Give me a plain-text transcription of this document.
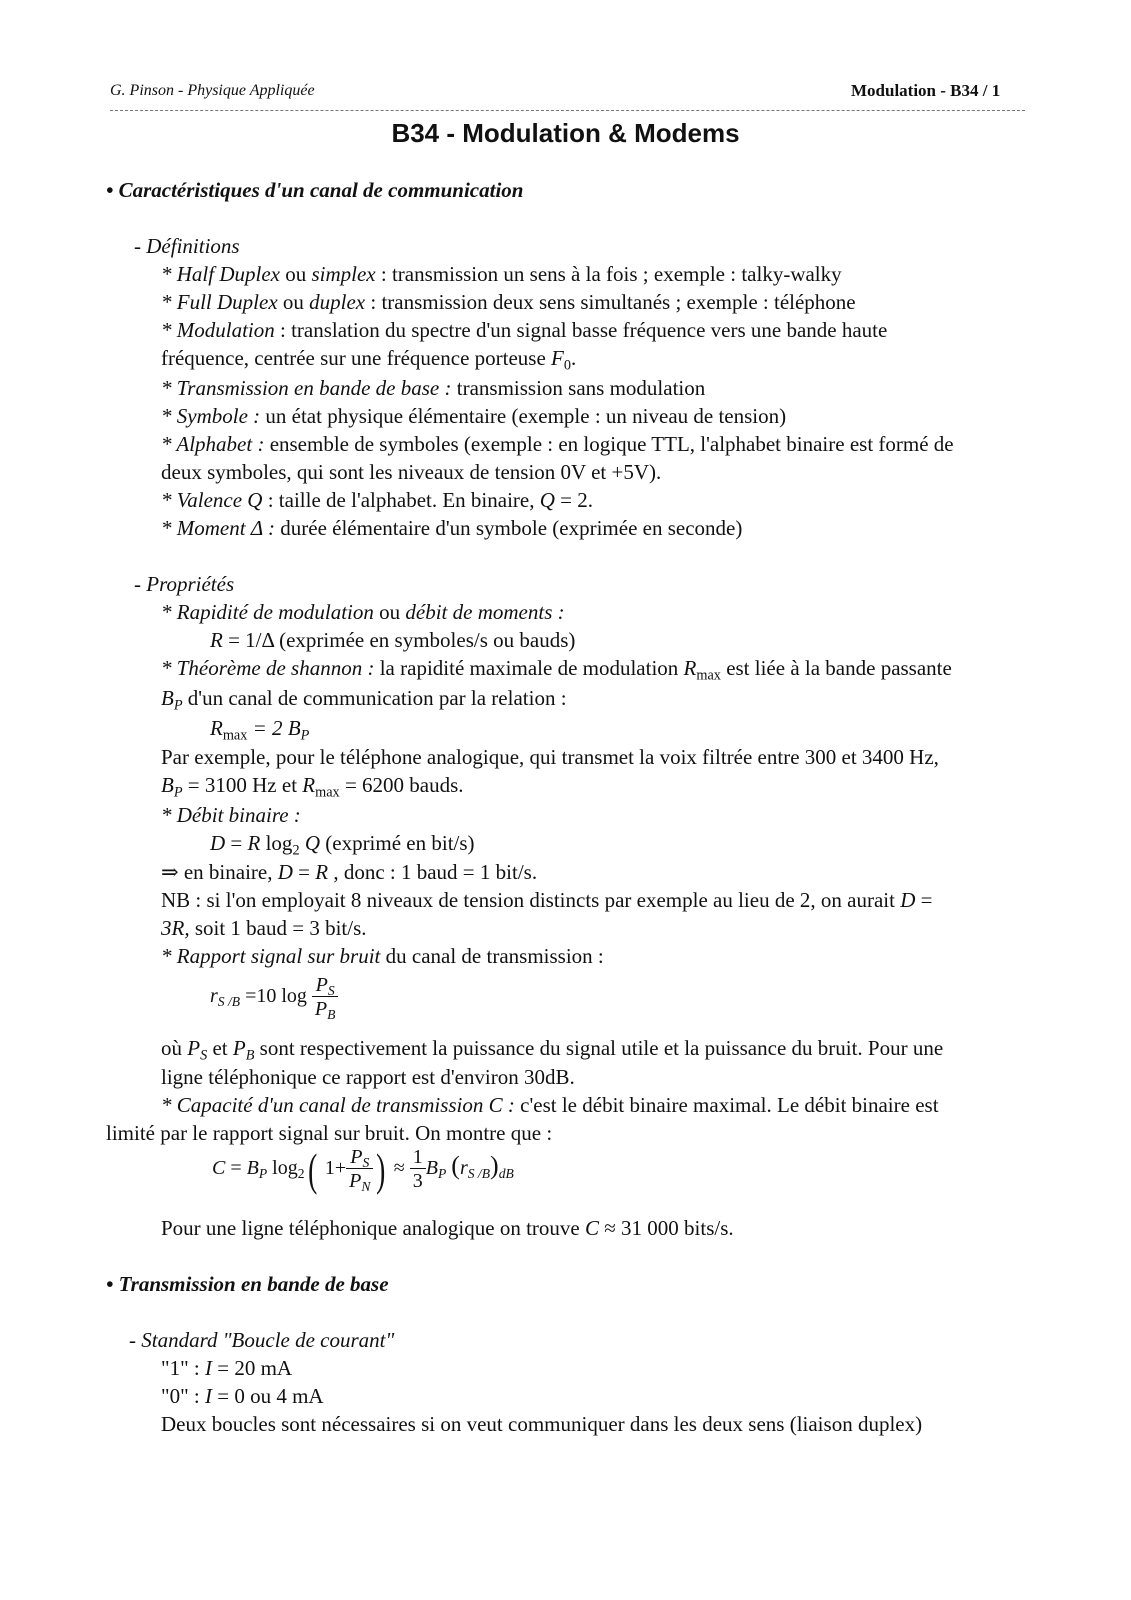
G. Pinson - Physique Appliquée	Modulation - B34 / 1
B34 - Modulation & Modems
• Caractéristiques d'un canal de communication
- Définitions
* Half Duplex ou simplex : transmission un sens à la fois ; exemple : talky-walky
* Full Duplex ou duplex : transmission deux sens simultanés ; exemple : téléphone
* Modulation : translation du spectre d'un signal basse fréquence vers une bande haute
fréquence, centrée sur une fréquence porteuse $F_0$.
* Transmission en bande de base : transmission sans modulation
* Symbole : un état physique élémentaire (exemple : un niveau de tension)
* Alphabet : ensemble de symboles (exemple : en logique TTL, l'alphabet binaire est formé de
deux symboles, qui sont les niveaux de tension 0V et +5V).
* Valence Q : taille de l'alphabet. En binaire, Q = 2.
* Moment Δ : durée élémentaire d'un symbole (exprimée en seconde)
- Propriétés
* Rapidité de modulation ou débit de moments :
R = 1/Δ (exprimée en symboles/s ou bauds)
* Théorème de shannon : la rapidité maximale de modulation $R_{max}$ est liée à la bande passante
$B_P$ d'un canal de communication par la relation :
$R_{max} = 2$ $B_P$
Par exemple, pour le téléphone analogique, qui transmet la voix filtrée entre 300 et 3400 Hz,
$B_P = 3100$ Hz et $R_{max} = 6200$ bauds.
* Débit binaire :
D = R $\log_2 Q$ (exprimé en bit/s)
⇒ en binaire, D = R , donc : 1 baud = 1 bit/s.
NB : si l'on employait 8 niveaux de tension distincts par exemple au lieu de 2, on aurait D =
3R, soit 1 baud = 3 bit/s.
* Rapport signal sur bruit du canal de transmission :
$r_{S /B} =10$ $\log \frac{P_S}{P_B}$
où $P_S$ et $P_B$ sont respectivement la puissance du signal utile et la puissance du bruit. Pour une
ligne téléphonique ce rapport est d'environ 30dB.
* Capacité d'un canal de transmission C : c'est le débit binaire maximal. Le débit binaire est
limité par le rapport signal sur bruit. On montre que :
$C = B_P$ $\log_2$( $1+ \frac{P_S}{P_N}$ ) ≈ $\frac{1}{3} B_P$ $(r_{S /B})_{dB}$
Pour une ligne téléphonique analogique on trouve C ≈ 31 000 bits/s.
• Transmission en bande de base
- Standard "Boucle de courant"
"1" : I = 20 mA
"0" : I = 0 ou 4 mA
Deux boucles sont nécessaires si on veut communiquer dans les deux sens (liaison duplex)
